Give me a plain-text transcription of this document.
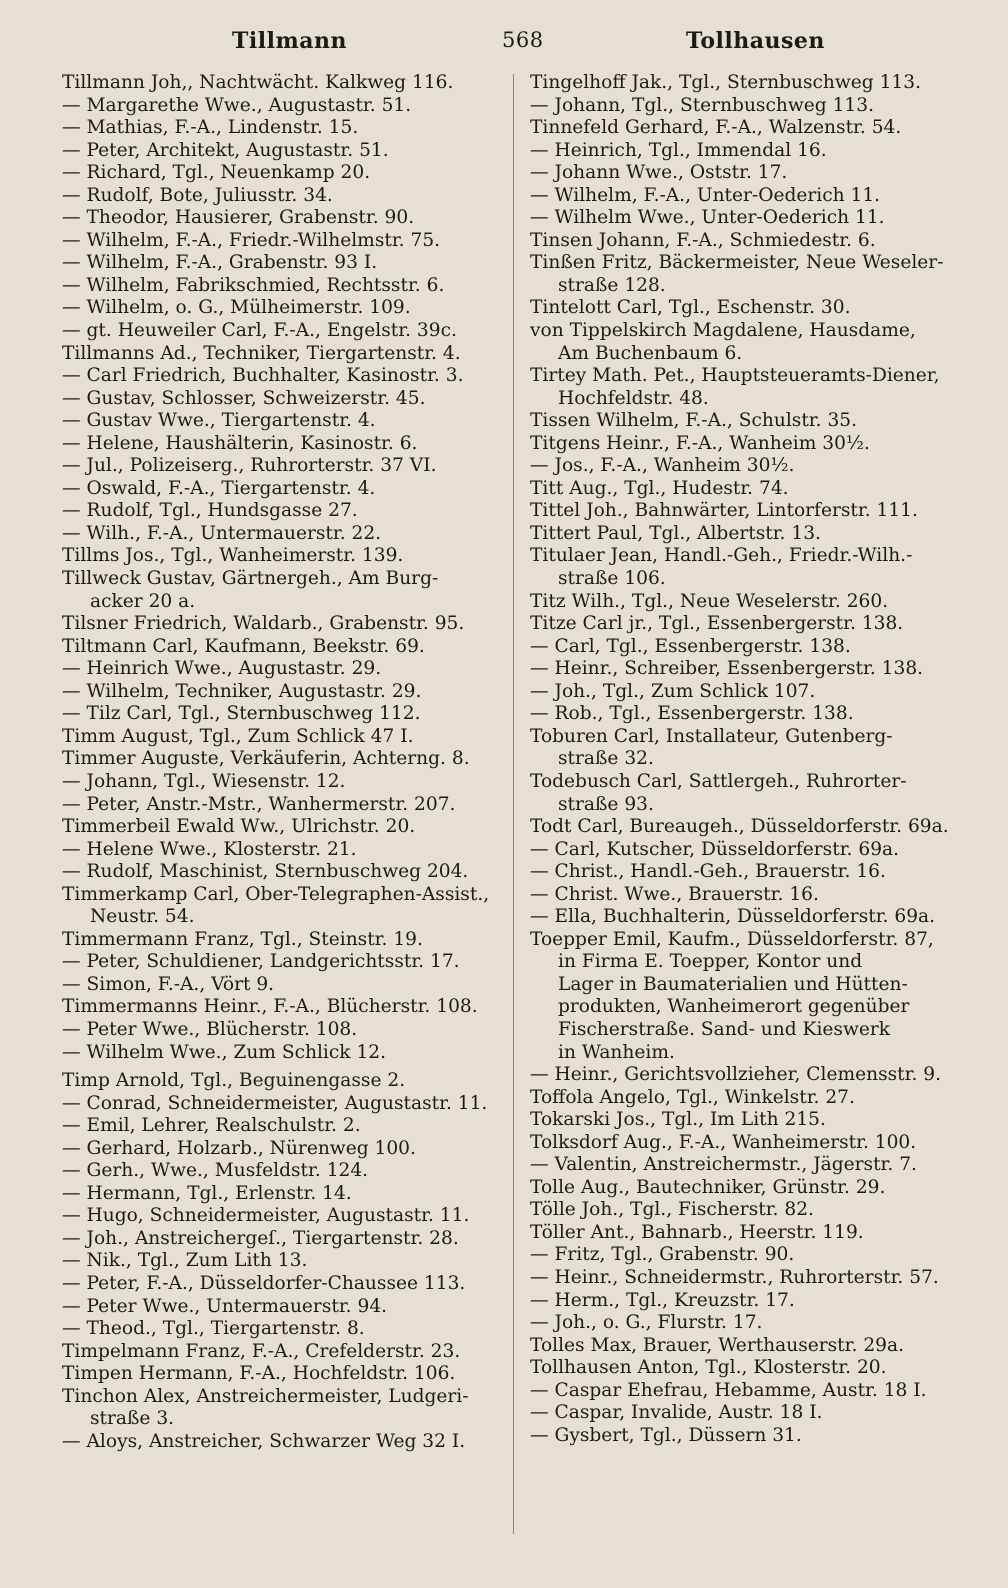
Tillmann	568	Tollhausen
Tillmann Joh,, Nachtwächt. Kalkweg 116.
— Margarethe Wwe., Augustastr. 51.
— Mathias, F.-A., Lindenstr. 15.
— Peter, Architekt, Augustastr. 51.
— Richard, Tgl., Neuenkamp 20.
— Rudolf, Bote, Juliusstr. 34.
— Theodor, Hausierer, Grabenstr. 90.
— Wilhelm, F.-A., Friedr.-Wilhelmstr. 75.
— Wilhelm, F.-A., Grabenstr. 93 I.
— Wilhelm, Fabrikschmied, Rechtsstr. 6.
— Wilhelm, o. G., Mülheimerstr. 109.
— gt. Heuweiler Carl, F.-A., Engelstr. 39c.
Tillmanns Ad., Techniker, Tiergartenstr. 4.
— Carl Friedrich, Buchhalter, Kasinostr. 3.
— Gustav, Schlosser, Schweizerstr. 45.
— Gustav Wwe., Tiergartenstr. 4.
— Helene, Haushälterin, Kasinostr. 6.
— Jul., Polizeiserg., Ruhrorterstr. 37 VI.
— Oswald, F.-A., Tiergartenstr. 4.
— Rudolf, Tgl., Hundsgasse 27.
— Wilh., F.-A., Untermauerstr. 22.
Tillms Jos., Tgl., Wanheimerstr. 139.
Tillweck Gustav, Gärtnergeh., Am Burg-
acker 20 a.
Tilsner Friedrich, Waldarb., Grabenstr. 95.
Tiltmann Carl, Kaufmann, Beekstr. 69.
— Heinrich Wwe., Augustastr. 29.
— Wilhelm, Techniker, Augustastr. 29.
— Tilz Carl, Tgl., Sternbuschweg 112.
Timm August, Tgl., Zum Schlick 47 I.
Timmer Auguste, Verkäuferin, Achterng. 8.
— Johann, Tgl., Wiesenstr. 12.
— Peter, Anstr.-Mstr., Wanhermerstr. 207.
Timmerbeil Ewald Ww., Ulrichstr. 20.
— Helene Wwe., Klosterstr. 21.
— Rudolf, Maschinist, Sternbuschweg 204.
Timmerkamp Carl, Ober-Telegraphen-Assist.,
Neustr. 54.
Timmermann Franz, Tgl., Steinstr. 19.
— Peter, Schuldiener, Landgerichtsstr. 17.
— Simon, F.-A., Vört 9.
Timmermanns Heinr., F.-A., Blücherstr. 108.
— Peter Wwe., Blücherstr. 108.
— Wilhelm Wwe., Zum Schlick 12.
Timp Arnold, Tgl., Beguinengasse 2.
— Conrad, Schneidermeister, Augustastr. 11.
— Emil, Lehrer, Realschulstr. 2.
— Gerhard, Holzarb., Nürenweg 100.
— Gerh., Wwe., Musfeldstr. 124.
— Hermann, Tgl., Erlenstr. 14.
— Hugo, Schneidermeister, Augustastr. 11.
— Joh., Anstreichergeſ., Tiergartenstr. 28.
— Nik., Tgl., Zum Lith 13.
— Peter, F.-A., Düsseldorfer-Chaussee 113.
— Peter Wwe., Untermauerstr. 94.
— Theod., Tgl., Tiergartenstr. 8.
Timpelmann Franz, F.-A., Crefelderstr. 23.
Timpen Hermann, F.-A., Hochfeldstr. 106.
Tinchon Alex, Anstreichermeister, Ludgeri-
straße 3.
— Aloys, Anstreicher, Schwarzer Weg 32 I.
Tingelhoff Jak., Tgl., Sternbuschweg 113.
— Johann, Tgl., Sternbuschweg 113.
Tinnefeld Gerhard, F.-A., Walzenstr. 54.
— Heinrich, Tgl., Immendal 16.
— Johann Wwe., Oststr. 17.
— Wilhelm, F.-A., Unter-Oederich 11.
— Wilhelm Wwe., Unter-Oederich 11.
Tinsen Johann, F.-A., Schmiedestr. 6.
Tinßen Fritz, Bäckermeister, Neue Weseler-
straße 128.
Tintelott Carl, Tgl., Eschenstr. 30.
von Tippelskirch Magdalene, Hausdame,
Am Buchenbaum 6.
Tirtey Math. Pet., Hauptsteueramts-Diener,
Hochfeldstr. 48.
Tissen Wilhelm, F.-A., Schulstr. 35.
Titgens Heinr., F.-A., Wanheim 30½.
— Jos., F.-A., Wanheim 30½.
Titt Aug., Tgl., Hudestr. 74.
Tittel Joh., Bahnwärter, Lintorferstr. 111.
Tittert Paul, Tgl., Albertstr. 13.
Titulaer Jean, Handl.-Geh., Friedr.-Wilh.-
straße 106.
Titz Wilh., Tgl., Neue Weselerstr. 260.
Titze Carl jr., Tgl., Essenbergerstr. 138.
— Carl, Tgl., Essenbergerstr. 138.
— Heinr., Schreiber, Essenbergerstr. 138.
— Joh., Tgl., Zum Schlick 107.
— Rob., Tgl., Essenbergerstr. 138.
Toburen Carl, Installateur, Gutenberg-
straße 32.
Todebusch Carl, Sattlergeh., Ruhrorter-
straße 93.
Todt Carl, Bureaugeh., Düsseldorferstr. 69a.
— Carl, Kutscher, Düsseldorferstr. 69a.
— Christ., Handl.-Geh., Brauerstr. 16.
— Christ. Wwe., Brauerstr. 16.
— Ella, Buchhalterin, Düsseldorferstr. 69a.
Toepper Emil, Kaufm., Düsseldorferstr. 87,
in Firma E. Toepper, Kontor und
Lager in Baumaterialien und Hütten-
produkten, Wanheimerort gegenüber
Fischerstraße. Sand- und Kieswerk
in Wanheim.
— Heinr., Gerichtsvollzieher, Clemensstr. 9.
Toffola Angelo, Tgl., Winkelstr. 27.
Tokarski Jos., Tgl., Im Lith 215.
Tolksdorf Aug., F.-A., Wanheimerstr. 100.
— Valentin, Anstreichermstr., Jägerstr. 7.
Tolle Aug., Bautechniker, Grünstr. 29.
Tölle Joh., Tgl., Fischerstr. 82.
Töller Ant., Bahnarb., Heerstr. 119.
— Fritz, Tgl., Grabenstr. 90.
— Heinr., Schneidermstr., Ruhrorterstr. 57.
— Herm., Tgl., Kreuzstr. 17.
— Joh., o. G., Flurstr. 17.
Tolles Max, Brauer, Werthauserstr. 29a.
Tollhausen Anton, Tgl., Klosterstr. 20.
— Caspar Ehefrau, Hebamme, Austr. 18 I.
— Caspar, Invalide, Austr. 18 I.
— Gysbert, Tgl., Düssern 31.
